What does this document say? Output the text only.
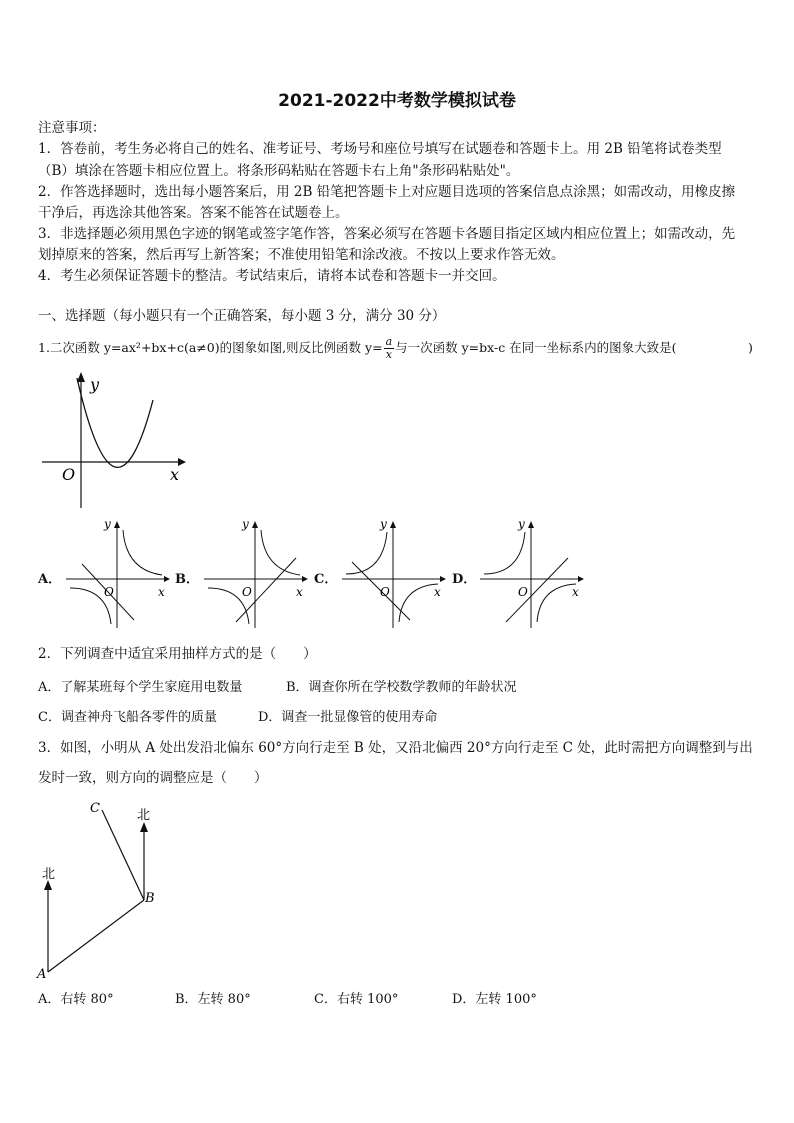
2021-2022中考数学模拟试卷
注意事项：
1．答卷前，考生务必将自己的姓名、准考证号、考场号和座位号填写在试题卷和答题卡上。用 2B 铅笔将试卷类型
（B）填涂在答题卡相应位置上。将条形码粘贴在答题卡右上角"条形码粘贴处"。
2．作答选择题时，选出每小题答案后，用 2B 铅笔把答题卡上对应题目选项的答案信息点涂黑；如需改动，用橡皮擦
干净后，再选涂其他答案。答案不能答在试题卷上。
3．非选择题必须用黑色字迹的钢笔或签字笔作答，答案必须写在答题卡各题目指定区域内相应位置上；如需改动，先
划掉原来的答案，然后再写上新答案；不准使用铅笔和涂改液。不按以上要求作答无效。
4．考生必须保证答题卡的整洁。考试结束后，请将本试卷和答题卡一并交回。
一、选择题（每小题只有一个正确答案，每小题 3 分，满分 30 分）
1.二次函数 y=ax²+bx+c(a≠0)的图象如图,则反比例函数 $y= \frac{a}{x}$ 与一次函数 y=bx-c 在同一坐标系内的图象大致是(	)
y
x
O
A．	B．	C．	D．
y
x
O
y
x
O
y
x
O
y
x
O
2．下列调查中适宜采用抽样方式的是（　　）
A．了解某班每个学生家庭用电数量	B．调查你所在学校数学教师的年龄状况
C．调查神舟飞船各零件的质量	D．调查一批显像管的使用寿命
3．如图，小明从 A 处出发沿北偏东 60°方向行走至 B 处，又沿北偏西 20°方向行走至 C 处，此时需把方向调整到与出
发时一致，则方向的调整应是（　　）
北
北
A
B
C
A．右转 80°	B．左转 80°	C．右转 100°	D．左转 100°
